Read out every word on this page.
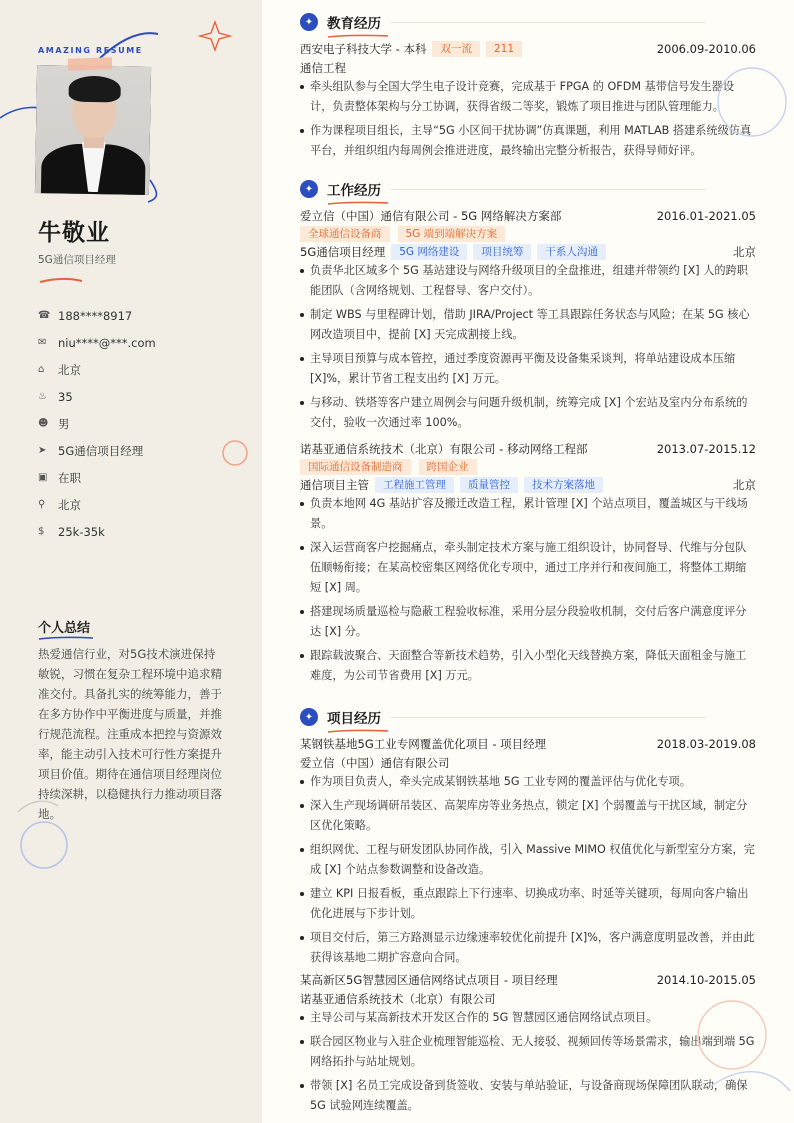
AMAZING RESUME
牛敬业
5G通信项目经理
☎ 188****8917
✉	niu****@***.com
⌂	北京
♨ 35
☻ 男
➤	5G通信项目经理
▣ 在职
⚲	北京
$	25k-35k
个人总结
热爱通信行业，对5G技术演进保持敏锐，习惯在复杂工程环境中追求精准交付。具备扎实的统筹能力，善于在多方协作中平衡进度与质量，并推行规范流程。注重成本把控与资源效率，能主动引入技术可行性方案提升项目价值。期待在通信项目经理岗位持续深耕，以稳健执行力推动项目落地。
✦	教育经历
西安电子科技大学 - 本科	双一流	211	2006.09-2010.06
通信工程
牵头组队参与全国大学生电子设计竞赛，完成基于 FPGA 的 OFDM 基带信号发生器设计，负责整体架构与分工协调，获得省级二等奖，锻炼了项目推进与团队管理能力。
作为课程项目组长，主导“5G 小区间干扰协调”仿真课题，利用 MATLAB 搭建系统级仿真平台，并组织组内每周例会推进进度，最终输出完整分析报告，获得导师好评。
✦	工作经历
爱立信（中国）通信有限公司 - 5G 网络解决方案部	2016.01-2021.05
全球通信设备商	5G 端到端解决方案
5G通信项目经理	5G 网络建设	项目统筹	干系人沟通	北京
负责华北区域多个 5G 基站建设与网络升级项目的全盘推进，组建并带领约 [X] 人的跨职能团队（含网络规划、工程督导、客户交付）。
制定 WBS 与里程碑计划，借助 JIRA/Project 等工具跟踪任务状态与风险；在某 5G 核心网改造项目中，提前 [X] 天完成割接上线。
主导项目预算与成本管控，通过季度资源再平衡及设备集采谈判，将单站建设成本压缩 [X]%，累计节省工程支出约 [X] 万元。
与移动、铁塔等客户建立周例会与问题升级机制，统筹完成 [X] 个宏站及室内分布系统的交付，验收一次通过率 100%。
诺基亚通信系统技术（北京）有限公司 - 移动网络工程部	2013.07-2015.12
国际通信设备制造商	跨国企业
通信项目主管	工程施工管理	质量管控	技术方案落地	北京
负责本地网 4G 基站扩容及搬迁改造工程，累计管理 [X] 个站点项目，覆盖城区与干线场景。
深入运营商客户挖掘痛点，牵头制定技术方案与施工组织设计，协同督导、代维与分包队伍顺畅衔接；在某高校密集区网络优化专项中，通过工序并行和夜间施工，将整体工期缩短 [X] 周。
搭建现场质量巡检与隐蔽工程验收标准，采用分层分段验收机制，交付后客户满意度评分达 [X] 分。
跟踪载波聚合、天面整合等新技术趋势，引入小型化天线替换方案，降低天面租金与施工难度，为公司节省费用 [X] 万元。
✦	项目经历
某钢铁基地5G工业专网覆盖优化项目 - 项目经理	2018.03-2019.08
爱立信（中国）通信有限公司
作为项目负责人，牵头完成某钢铁基地 5G 工业专网的覆盖评估与优化专项。
深入生产现场调研吊装区、高架库房等业务热点，锁定 [X] 个弱覆盖与干扰区域，制定分区优化策略。
组织网优、工程与研发团队协同作战，引入 Massive MIMO 权值优化与新型室分方案，完成 [X] 个站点参数调整和设备改造。
建立 KPI 日报看板，重点跟踪上下行速率、切换成功率、时延等关键项，每周向客户输出优化进展与下步计划。
项目交付后，第三方路测显示边缘速率较优化前提升 [X]%，客户满意度明显改善，并由此获得该基地二期扩容意向合同。
某高新区5G智慧园区通信网络试点项目 - 项目经理	2014.10-2015.05
诺基亚通信系统技术（北京）有限公司
主导公司与某高新技术开发区合作的 5G 智慧园区通信网络试点项目。
联合园区物业与入驻企业梳理智能巡检、无人接驳、视频回传等场景需求，输出端到端 5G 网络拓扑与站址规划。
带领 [X] 名员工完成设备到货签收、安装与单站验证，与设备商现场保障团队联动，确保 5G 试验网连续覆盖。
